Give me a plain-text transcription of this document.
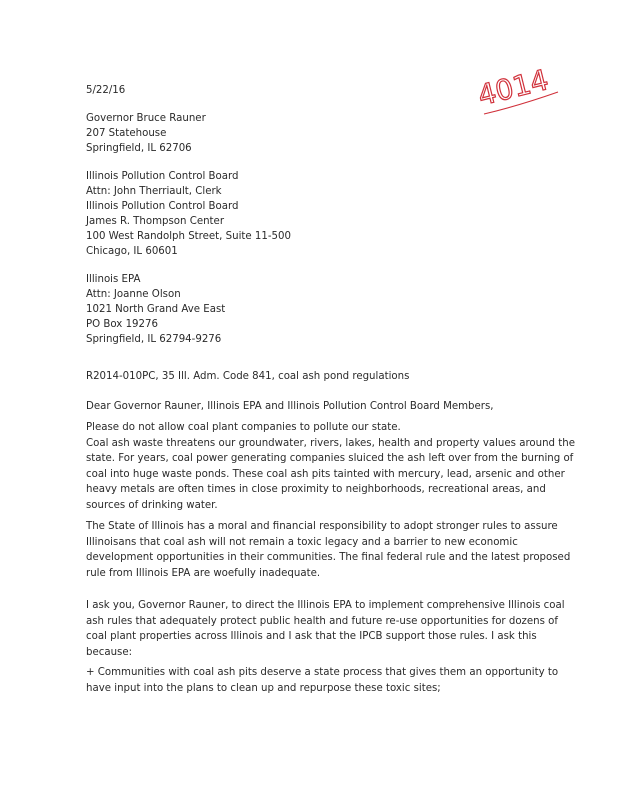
5/22/16	4014
Governor Bruce Rauner
207 Statehouse
Springfield, IL 62706
Illinois Pollution Control Board
Attn: John Therriault, Clerk
Illinois Pollution Control Board
James R. Thompson Center
100 West Randolph Street, Suite 11-500
Chicago, IL 60601
Illinois EPA
Attn: Joanne Olson
1021 North Grand Ave East
PO Box 19276
Springfield, IL 62794-9276
R2014-010PC, 35 Ill. Adm. Code 841, coal ash pond regulations
Dear Governor Rauner, Illinois EPA and Illinois Pollution Control Board Members,
Please do not allow coal plant companies to pollute our state.
Coal ash waste threatens our groundwater, rivers, lakes, health and property values around the
state. For years, coal power generating companies sluiced the ash left over from the burning of
coal into huge waste ponds. These coal ash pits tainted with mercury, lead, arsenic and other
heavy metals are often times in close proximity to neighborhoods, recreational areas, and
sources of drinking water.
The State of Illinois has a moral and financial responsibility to adopt stronger rules to assure
Illinoisans that coal ash will not remain a toxic legacy and a barrier to new economic
development opportunities in their communities. The final federal rule and the latest proposed
rule from Illinois EPA are woefully inadequate.
I ask you, Governor Rauner, to direct the Illinois EPA to implement comprehensive Illinois coal
ash rules that adequately protect public health and future re-use opportunities for dozens of
coal plant properties across Illinois and I ask that the IPCB support those rules. I ask this
because:
+ Communities with coal ash pits deserve a state process that gives them an opportunity to
have input into the plans to clean up and repurpose these toxic sites;
